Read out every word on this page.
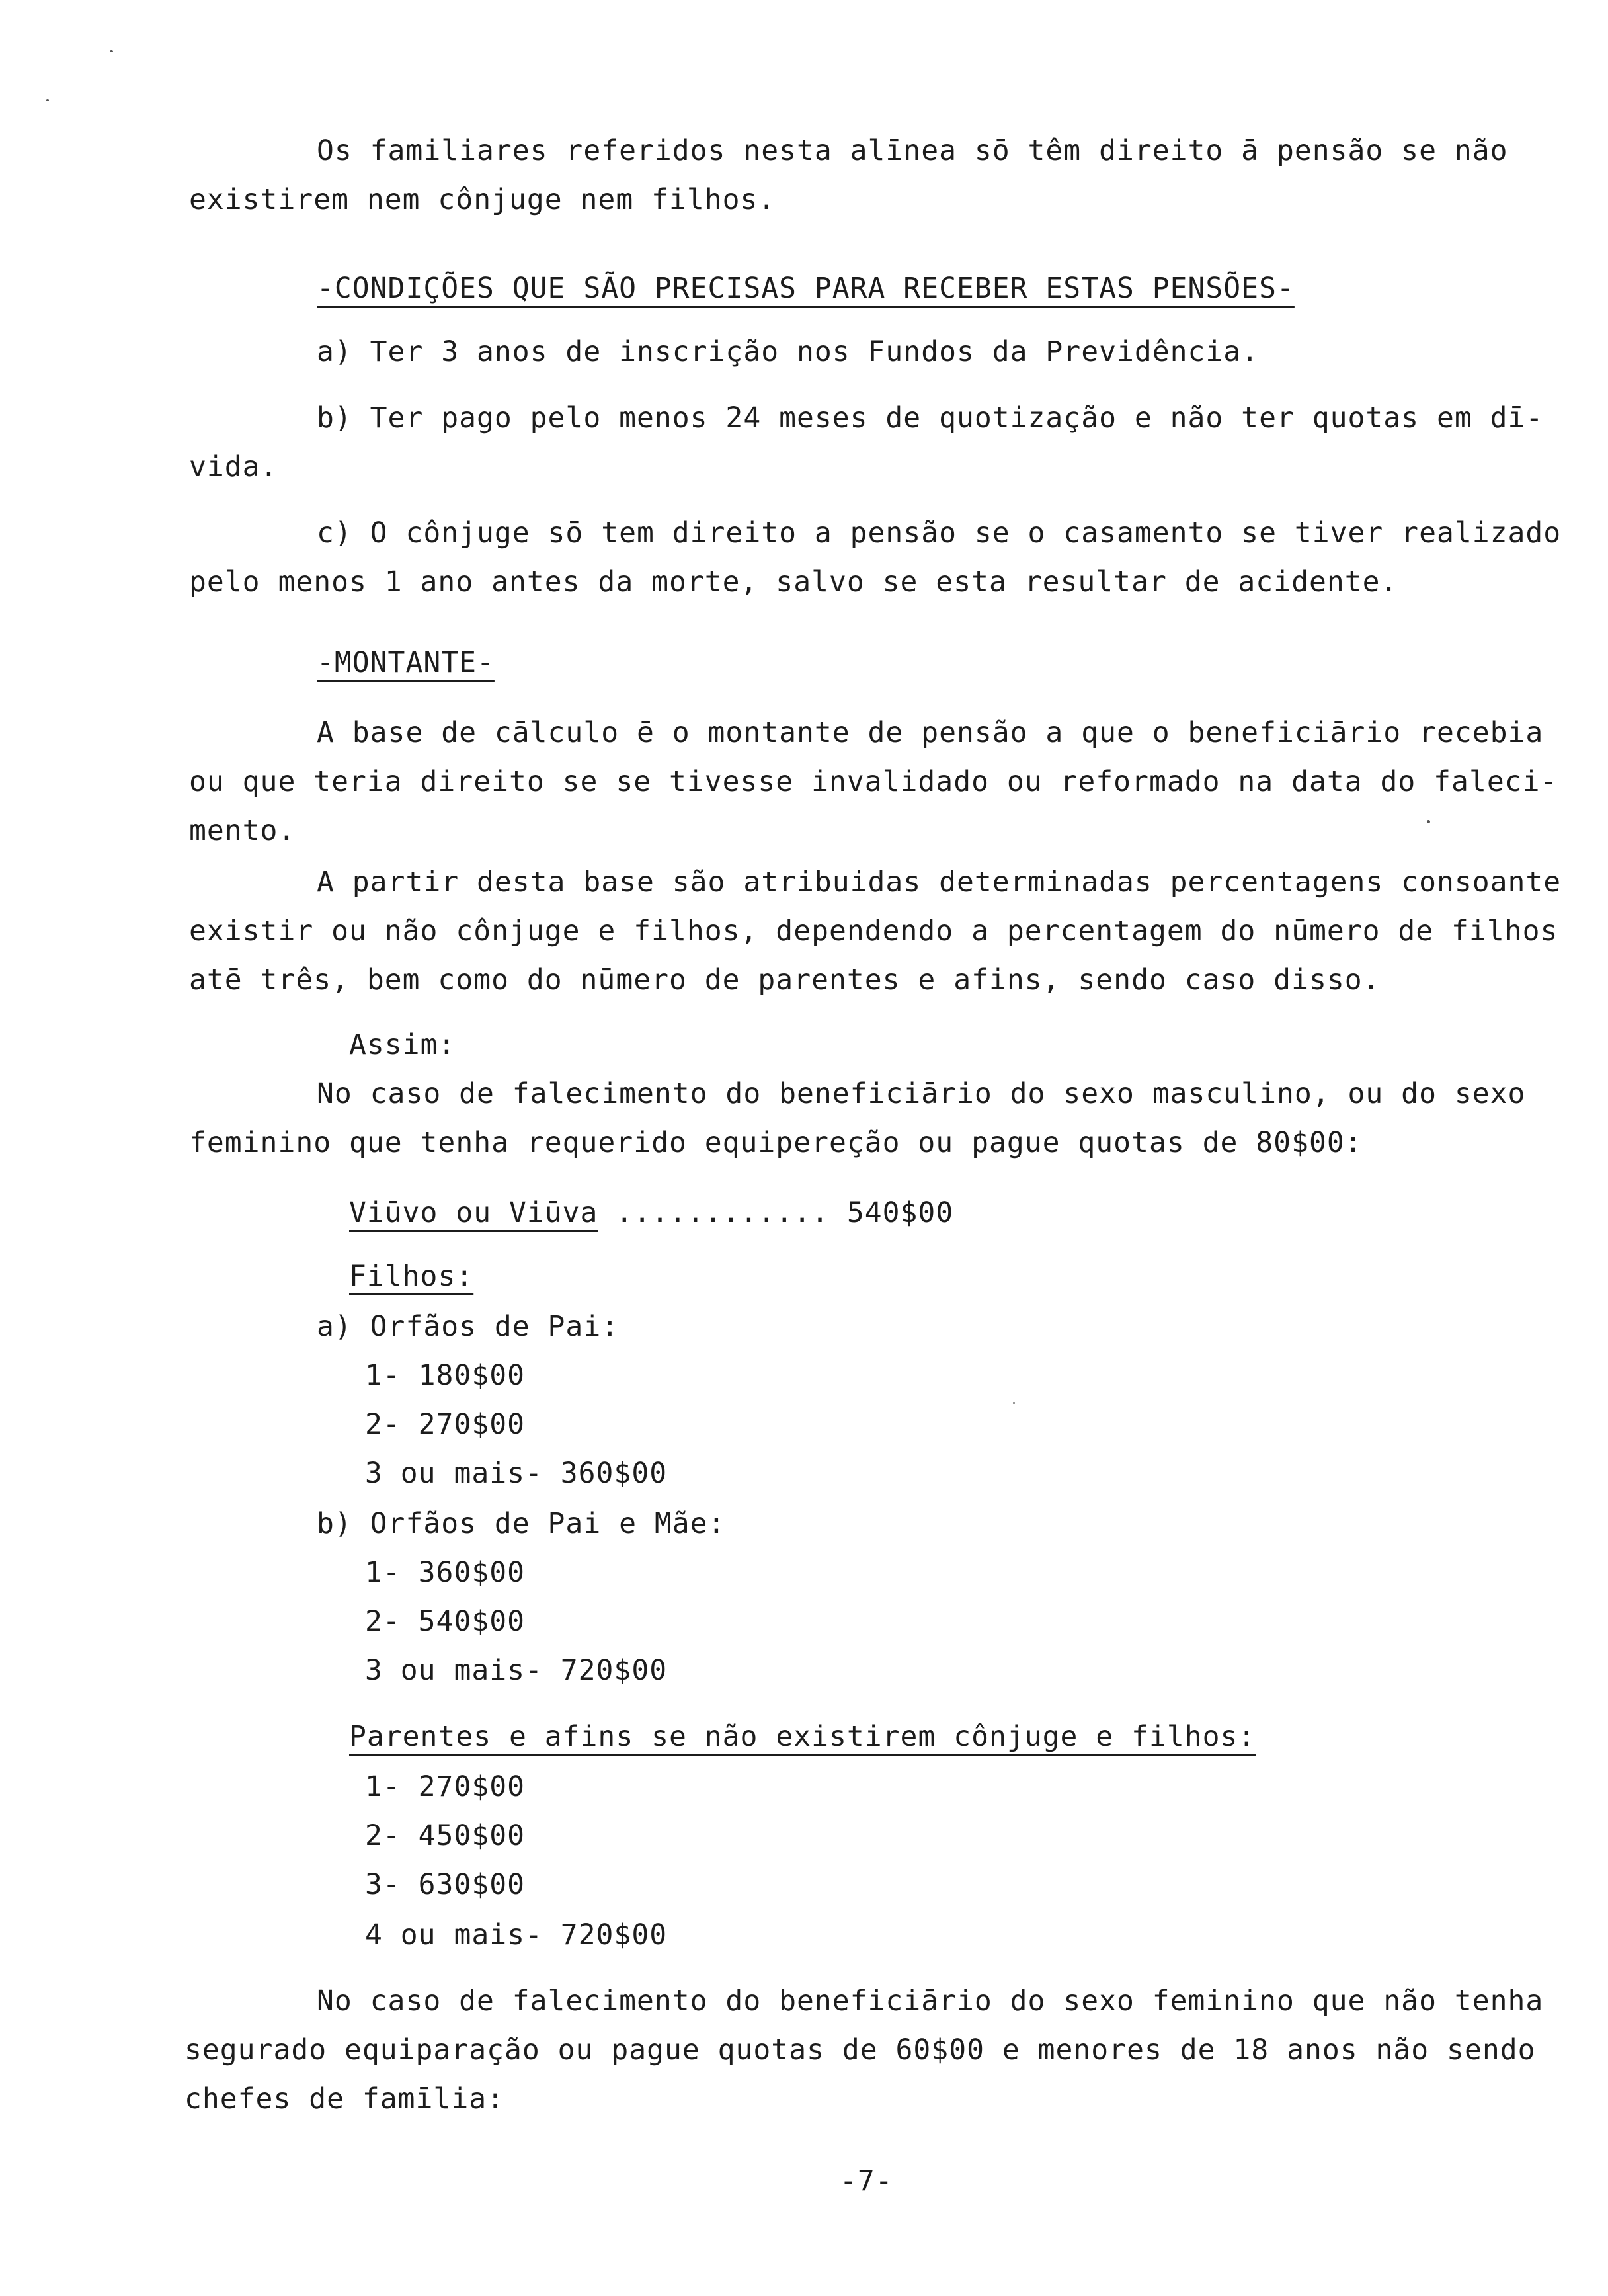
Os familiares referidos nesta alīnea sō têm direito ā pensão se não
existirem nem cônjuge nem filhos.
-CONDIÇÕES QUE SÃO PRECISAS PARA RECEBER ESTAS PENSÕES-
a) Ter 3 anos de inscrição nos Fundos da Previdência.
b) Ter pago pelo menos 24 meses de quotização e não ter quotas em dī-
vida.
c) O cônjuge sō tem direito a pensão se o casamento se tiver realizado
pelo menos 1 ano antes da morte, salvo se esta resultar de acidente.
-MONTANTE-
A base de cālculo ē o montante de pensão a que o beneficiārio recebia
ou que teria direito se se tivesse invalidado ou reformado na data do faleci-
mento.
A partir desta base são atribuidas determinadas percentagens consoante
existir ou não cônjuge e filhos, dependendo a percentagem do nūmero de filhos
atē três, bem como do nūmero de parentes e afins, sendo caso disso.
Assim:
No caso de falecimento do beneficiārio do sexo masculino, ou do sexo
feminino que tenha requerido equipereção ou pague quotas de 80$00:
Viūvo ou Viūva ............ 540$00
Filhos:
a) Orfãos de Pai:
1- 180$00
2- 270$00
3 ou mais- 360$00
b) Orfãos de Pai e Mãe:
1- 360$00
2- 540$00
3 ou mais- 720$00
Parentes e afins se não existirem cônjuge e filhos:
1- 270$00
2- 450$00
3- 630$00
4 ou mais- 720$00
No caso de falecimento do beneficiārio do sexo feminino que não tenha
segurado equiparação ou pague quotas de 60$00 e menores de 18 anos não sendo
chefes de famīlia:
-7-
